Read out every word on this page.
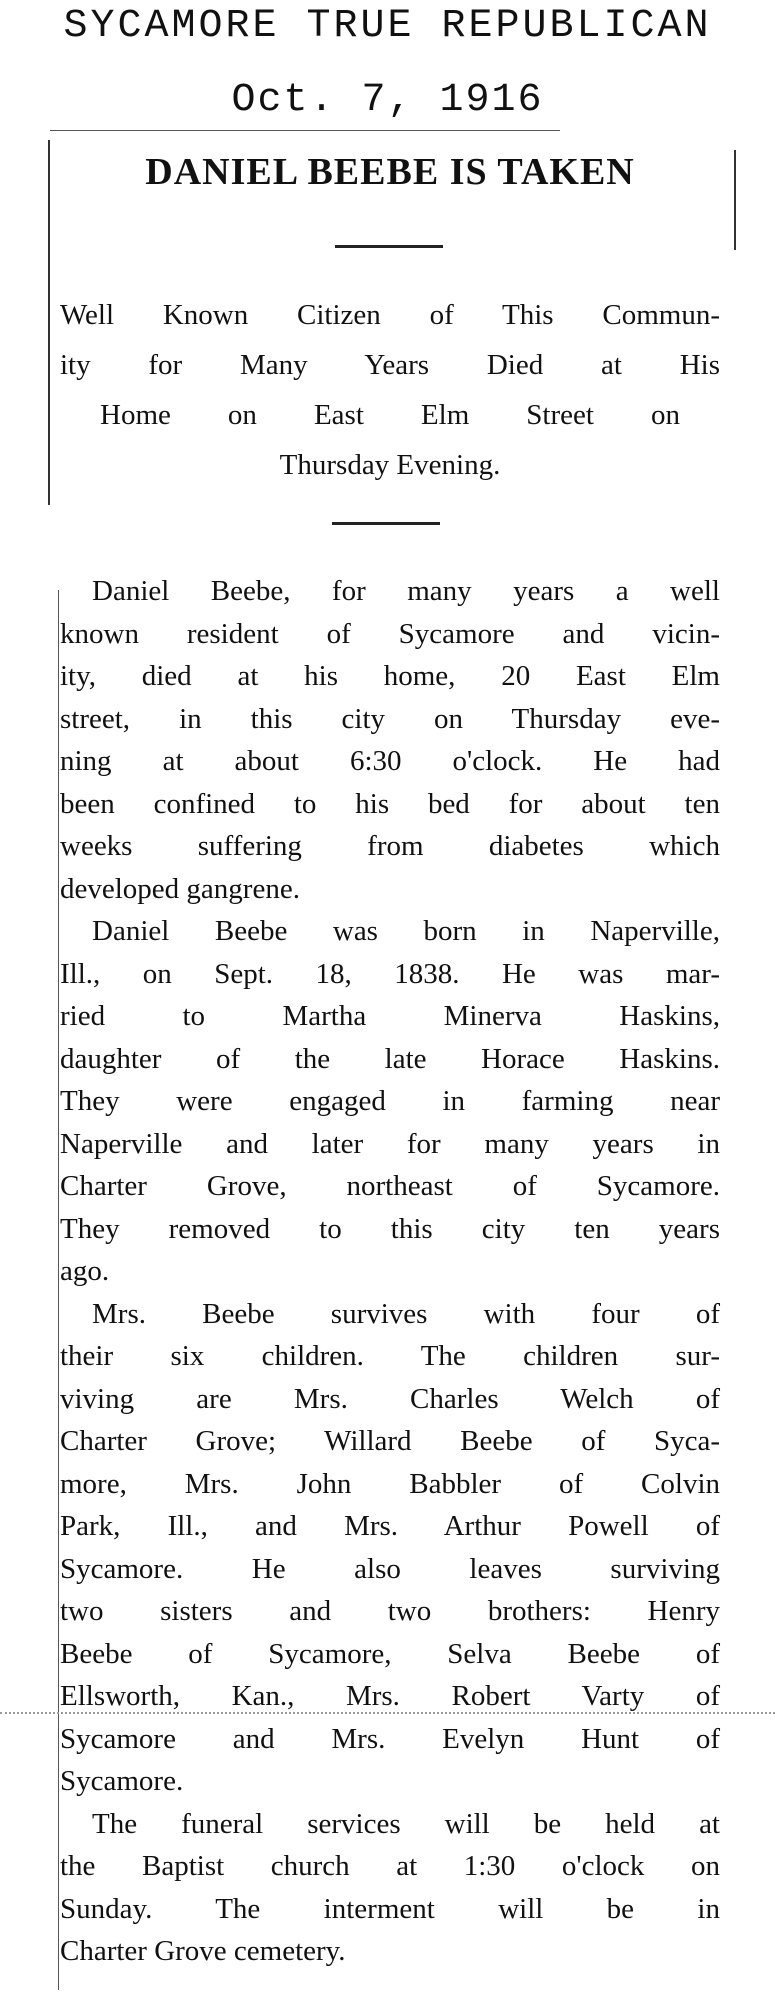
SYCAMORE TRUE REPUBLICAN
Oct. 7, 1916
DANIEL BEEBE IS TAKEN
Well Known Citizen of This Commun-
ity for Many Years Died at His
Home on East Elm Street on
Thursday Evening.
Daniel Beebe, for many years a well
known resident of Sycamore and vicin-
ity, died at his home, 20 East Elm
street, in this city on Thursday eve-
ning at about 6:30 o'clock. He had
been confined to his bed for about ten
weeks suffering from diabetes which
developed gangrene.
Daniel Beebe was born in Naperville,
Ill., on Sept. 18, 1838. He was mar-
ried to Martha Minerva Haskins,
daughter of the late Horace Haskins.
They were engaged in farming near
Naperville and later for many years in
Charter Grove, northeast of Sycamore.
They removed to this city ten years
ago.
Mrs. Beebe survives with four of
their six children. The children sur-
viving are Mrs. Charles Welch of
Charter Grove; Willard Beebe of Syca-
more, Mrs. John Babbler of Colvin
Park, Ill., and Mrs. Arthur Powell of
Sycamore. He also leaves surviving
two sisters and two brothers: Henry
Beebe of Sycamore, Selva Beebe of
Ellsworth, Kan., Mrs. Robert Varty of
Sycamore and Mrs. Evelyn Hunt of
Sycamore.
The funeral services will be held at
the Baptist church at 1:30 o'clock on
Sunday. The interment will be in
Charter Grove cemetery.
